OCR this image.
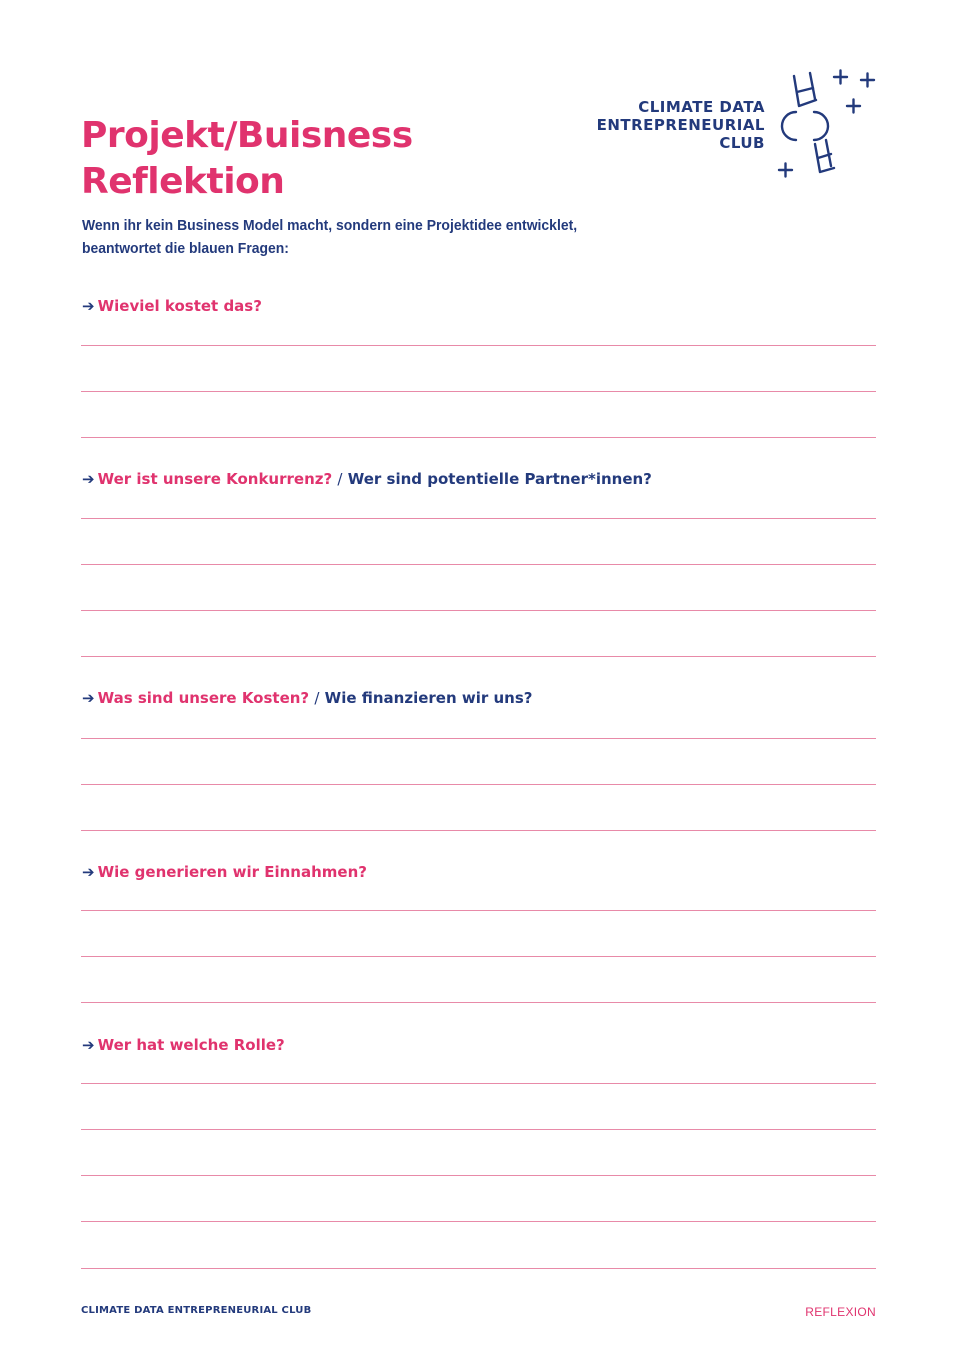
Projekt/Buisness
Reflektion

Wenn ihr kein Business Model macht, sondern eine Projektidee entwicklet,
beantwortet die blauen Fragen:

CLIMATE DATA
ENTREPRENEURIAL
CLUB
➔ Wieviel kostet das?
➔ Wer ist unsere Konkurrenz? / Wer sind potentielle Partner*innen?
➔ Was sind unsere Kosten? / Wie finanzieren wir uns?
➔ Wie generieren wir Einnahmen?
➔ Wer hat welche Rolle?
CLIMATE DATA ENTREPRENEURIAL CLUB	REFLEXION
